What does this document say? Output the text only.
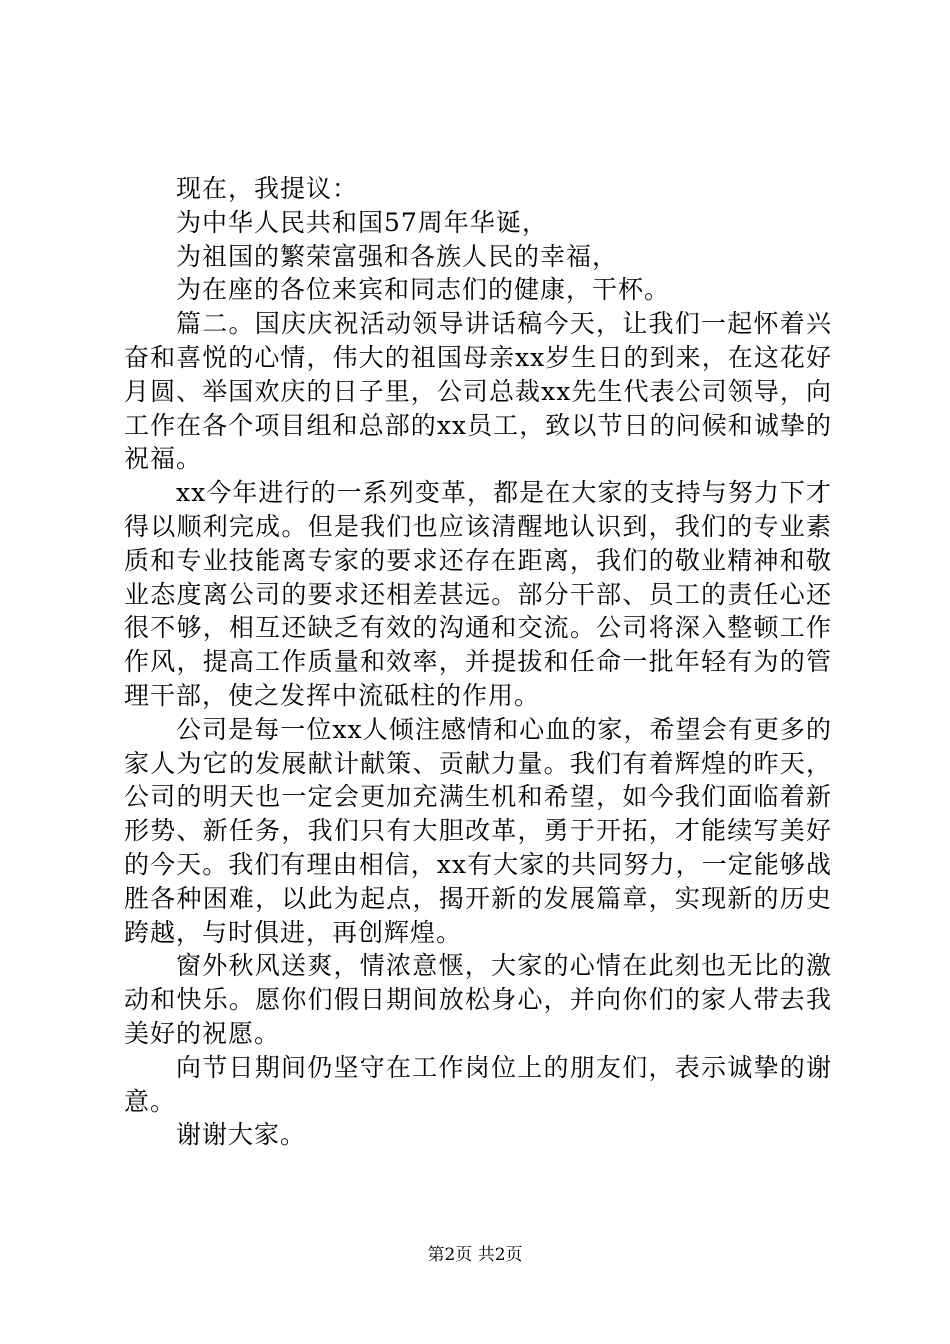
现在，我提议：

为中华人民共和国57周年华诞，

为祖国的繁荣富强和各族人民的幸福，

为在座的各位来宾和同志们的健康，干杯。

篇二。国庆庆祝活动领导讲话稿今天，让我们一起怀着兴奋和喜悦的心情，伟大的祖国母亲xx岁生日的到来，在这花好月圆、举国欢庆的日子里，公司总裁xx先生代表公司领导，向工作在各个项目组和总部的xx员工，致以节日的问候和诚挚的祝福。

xx今年进行的一系列变革，都是在大家的支持与努力下才得以顺利完成。但是我们也应该清醒地认识到，我们的专业素质和专业技能离专家的要求还存在距离，我们的敬业精神和敬业态度离公司的要求还相差甚远。部分干部、员工的责任心还很不够，相互还缺乏有效的沟通和交流。公司将深入整顿工作作风，提高工作质量和效率，并提拔和任命一批年轻有为的管理干部，使之发挥中流砥柱的作用。

公司是每一位xx人倾注感情和心血的家，希望会有更多的家人为它的发展献计献策、贡献力量。我们有着辉煌的昨天，公司的明天也一定会更加充满生机和希望，如今我们面临着新形势、新任务，我们只有大胆改革，勇于开拓，才能续写美好的今天。我们有理由相信，xx有大家的共同努力，一定能够战胜各种困难，以此为起点，揭开新的发展篇章，实现新的历史跨越，与时俱进，再创辉煌。

窗外秋风送爽，情浓意惬，大家的心情在此刻也无比的激动和快乐。愿你们假日期间放松身心，并向你们的家人带去我美好的祝愿。

向节日期间仍坚守在工作岗位上的朋友们，表示诚挚的谢意。

谢谢大家。

第2页 共2页
